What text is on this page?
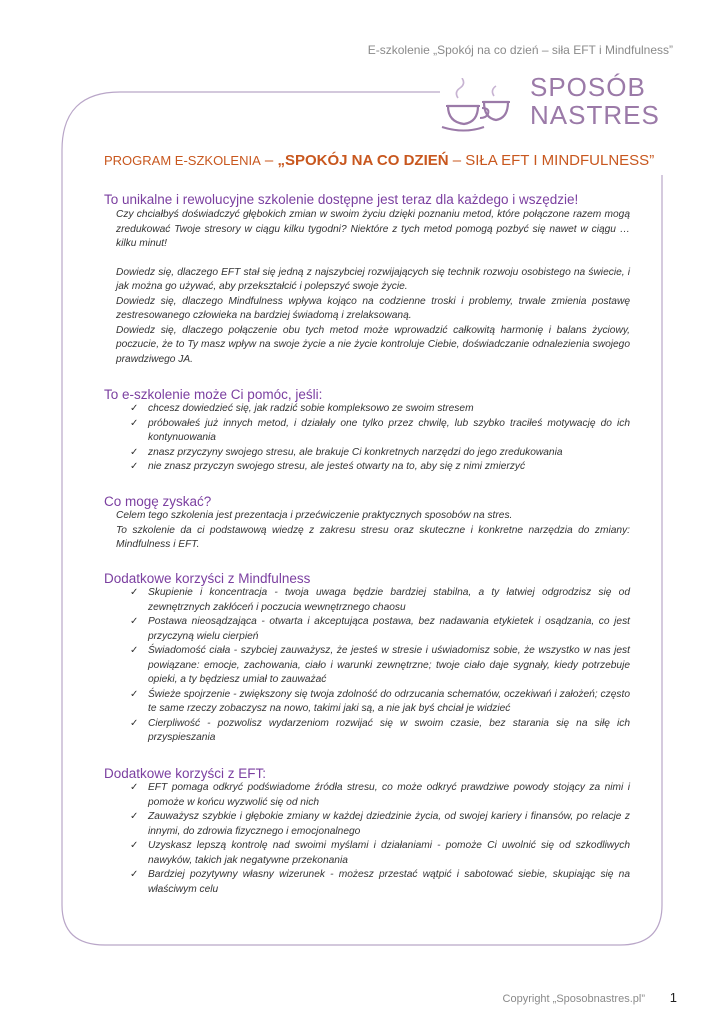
E-szkolenie „Spokój na co dzień – siła EFT i Mindfulness”
SPOSÓB
NASTRES
PROGRAM E-SZKOLENIA – „SPOKÓJ NA CO DZIEŃ – SIŁA EFT I MINDFULNESS”
To unikalne i rewolucyjne szkolenie dostępne jest teraz dla każdego i wszędzie!

Czy chciałbyś doświadczyć głębokich zmian w swoim życiu dzięki poznaniu metod, które połączone razem mogą zredukować Twoje stresory w ciągu kilku tygodni? Niektóre z tych metod pomogą pozbyć się nawet w ciągu … kilku minut!

Dowiedz się, dlaczego EFT stał się jedną z najszybciej rozwijających się technik rozwoju osobistego na świecie, i jak można go używać, aby przekształcić i polepszyć swoje życie.

Dowiedz się, dlaczego Mindfulness wpływa kojąco na codzienne troski i problemy, trwale zmienia postawę zestresowanego człowieka na bardziej świadomą i zrelaksowaną.

Dowiedz się, dlaczego połączenie obu tych metod może wprowadzić całkowitą harmonię i balans życiowy, poczucie, że to Ty masz wpływ na swoje życie a nie życie kontroluje Ciebie, doświadczanie odnalezienia swojego prawdziwego JA.

To e-szkolenie może Ci pomóc, jeśli:
✓ chcesz dowiedzieć się, jak radzić sobie kompleksowo ze swoim stresem
✓ próbowałeś już innych metod, i działały one tylko przez chwilę, lub szybko traciłeś motywację do ich kontynuowania
✓ znasz przyczyny swojego stresu, ale brakuje Ci konkretnych narzędzi do jego zredukowania
✓ nie znasz przyczyn swojego stresu, ale jesteś otwarty na to, aby się z nimi zmierzyć
Co mogę zyskać?

Celem tego szkolenia jest prezentacja i przećwiczenie praktycznych sposobów na stres.

To szkolenie da ci podstawową wiedzę z zakresu stresu oraz skuteczne i konkretne narzędzia do zmiany: Mindfulness i EFT.

Dodatkowe korzyści z Mindfulness
✓ Skupienie i koncentracja - twoja uwaga będzie bardziej stabilna, a ty łatwiej odgrodzisz się od zewnętrznych zakłóceń i poczucia wewnętrznego chaosu
✓ Postawa nieosądzająca - otwarta i akceptująca postawa, bez nadawania etykietek i osądzania, co jest przyczyną wielu cierpień
✓ Świadomość ciała - szybciej zauważysz, że jesteś w stresie i uświadomisz sobie, że wszystko w nas jest powiązane: emocje, zachowania, ciało i warunki zewnętrzne; twoje ciało daje sygnały, kiedy potrzebuje opieki, a ty będziesz umiał to zauważać
✓ Świeże spojrzenie - zwiększony się twoja zdolność do odrzucania schematów, oczekiwań i założeń; często te same rzeczy zobaczysz na nowo, takimi jaki są, a nie jak byś chciał je widzieć
✓ Cierpliwość - pozwolisz wydarzeniom rozwijać się w swoim czasie, bez starania się na siłę ich przyspieszania
Dodatkowe korzyści z EFT:
✓ EFT pomaga odkryć podświadome źródła stresu, co może odkryć prawdziwe powody stojący za nimi i pomoże w końcu wyzwolić się od nich
✓ Zauważysz szybkie i głębokie zmiany w każdej dziedzinie życia, od swojej kariery i finansów, po relacje z innymi, do zdrowia fizycznego i emocjonalnego
✓ Uzyskasz lepszą kontrolę nad swoimi myślami i działaniami - pomoże Ci uwolnić się od szkodliwych nawyków, takich jak negatywne przekonania
✓ Bardziej pozytywny własny wizerunek - możesz przestać wątpić i sabotować siebie, skupiając się na właściwym celu
Copyright „Sposobnastres.pl” 1
